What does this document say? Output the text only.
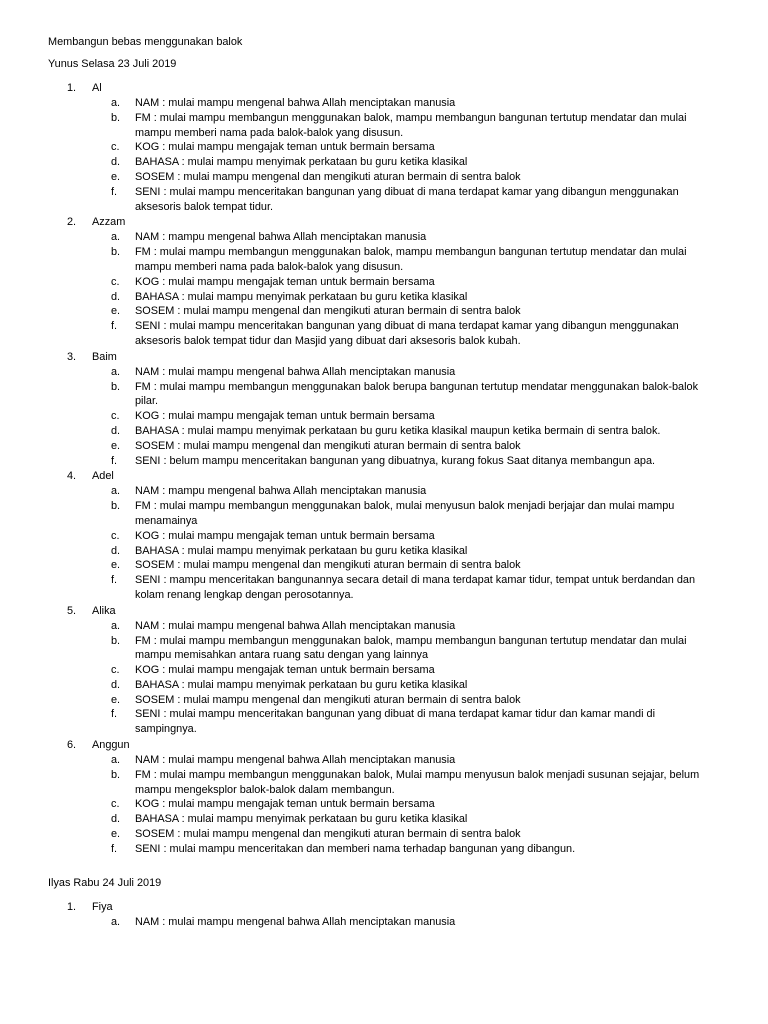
Membangun bebas menggunakan balok
Yunus Selasa 23 Juli 2019
1.	Al
a.	NAM : mulai mampu mengenal bahwa Allah menciptakan manusia
b.	FM : mulai mampu membangun menggunakan balok, mampu membangun bangunan tertutup mendatar dan mulai mampu memberi nama pada balok-balok yang disusun.
c.	KOG : mulai mampu mengajak teman untuk bermain bersama
d.	BAHASA : mulai mampu menyimak perkataan bu guru ketika klasikal
e.	SOSEM : mulai mampu mengenal dan mengikuti aturan bermain di sentra balok
f.	SENI : mulai mampu menceritakan bangunan yang dibuat di mana terdapat kamar yang dibangun menggunakan aksesoris balok tempat tidur.
2.	Azzam
a.	NAM : mampu mengenal bahwa Allah menciptakan manusia
b.	FM : mulai mampu membangun menggunakan balok, mampu membangun bangunan tertutup mendatar dan mulai mampu memberi nama pada balok-balok yang disusun.
c.	KOG : mulai mampu mengajak teman untuk bermain bersama
d.	BAHASA : mulai mampu menyimak perkataan bu guru ketika klasikal
e.	SOSEM : mulai mampu mengenal dan mengikuti aturan bermain di sentra balok
f.	SENI : mulai mampu menceritakan bangunan yang dibuat di mana terdapat kamar yang dibangun menggunakan aksesoris balok tempat tidur dan Masjid yang dibuat dari aksesoris balok kubah.
3.	Baim
a.	NAM : mulai mampu mengenal bahwa Allah menciptakan manusia
b.	FM : mulai mampu membangun menggunakan balok berupa bangunan tertutup mendatar menggunakan balok-balok pilar.
c.	KOG : mulai mampu mengajak teman untuk bermain bersama
d.	BAHASA : mulai mampu menyimak perkataan bu guru ketika klasikal maupun ketika bermain di sentra balok.
e.	SOSEM : mulai mampu mengenal dan mengikuti aturan bermain di sentra balok
f.	SENI : belum mampu menceritakan bangunan yang dibuatnya, kurang fokus Saat ditanya membangun apa.
4.	Adel
a.	NAM : mampu mengenal bahwa Allah menciptakan manusia
b.	FM : mulai mampu membangun menggunakan balok, mulai menyusun balok menjadi berjajar dan mulai mampu menamainya
c.	KOG : mulai mampu mengajak teman untuk bermain bersama
d.	BAHASA : mulai mampu menyimak perkataan bu guru ketika klasikal
e.	SOSEM : mulai mampu mengenal dan mengikuti aturan bermain di sentra balok
f.	SENI : mampu menceritakan bangunannya secara detail di mana terdapat kamar tidur, tempat untuk berdandan dan kolam renang lengkap dengan perosotannya.
5.	Alika
a.	NAM : mulai mampu mengenal bahwa Allah menciptakan manusia
b.	FM : mulai mampu membangun menggunakan balok, mampu membangun bangunan tertutup mendatar dan mulai mampu memisahkan antara ruang satu dengan yang lainnya
c.	KOG : mulai mampu mengajak teman untuk bermain bersama
d.	BAHASA : mulai mampu menyimak perkataan bu guru ketika klasikal
e.	SOSEM : mulai mampu mengenal dan mengikuti aturan bermain di sentra balok
f.	SENI : mulai mampu menceritakan bangunan yang dibuat di mana terdapat kamar tidur dan kamar mandi di sampingnya.
6.	Anggun
a.	NAM : mulai mampu mengenal bahwa Allah menciptakan manusia
b.	FM : mulai mampu membangun menggunakan balok, Mulai mampu menyusun balok menjadi susunan sejajar, belum mampu mengeksplor balok-balok dalam membangun.
c.	KOG : mulai mampu mengajak teman untuk bermain bersama
d.	BAHASA : mulai mampu menyimak perkataan bu guru ketika klasikal
e.	SOSEM : mulai mampu mengenal dan mengikuti aturan bermain di sentra balok
f.	SENI : mulai mampu menceritakan dan memberi nama terhadap bangunan yang dibangun.
Ilyas Rabu 24 Juli 2019
1.	Fiya
a.	NAM : mulai mampu mengenal bahwa Allah menciptakan manusia
